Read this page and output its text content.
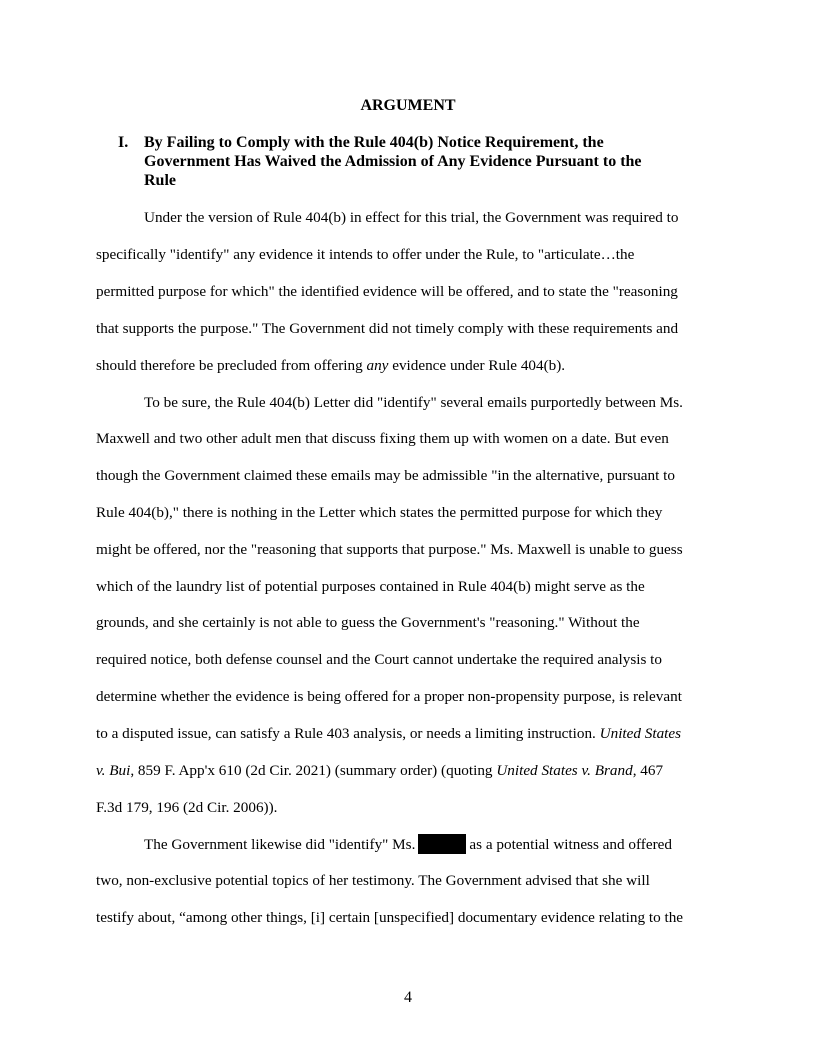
ARGUMENT
I. By Failing to Comply with the Rule 404(b) Notice Requirement, the
Government Has Waived the Admission of Any Evidence Pursuant to the
Rule
Under the version of Rule 404(b) in effect for this trial, the Government was required to
specifically "identify" any evidence it intends to offer under the Rule, to "articulate…the
permitted purpose for which" the identified evidence will be offered, and to state the "reasoning
that supports the purpose." The Government did not timely comply with these requirements and
should therefore be precluded from offering any evidence under Rule 404(b).
To be sure, the Rule 404(b) Letter did "identify" several emails purportedly between Ms.
Maxwell and two other adult men that discuss fixing them up with women on a date. But even
though the Government claimed these emails may be admissible "in the alternative, pursuant to
Rule 404(b)," there is nothing in the Letter which states the permitted purpose for which they
might be offered, nor the "reasoning that supports that purpose." Ms. Maxwell is unable to guess
which of the laundry list of potential purposes contained in Rule 404(b) might serve as the
grounds, and she certainly is not able to guess the Government's "reasoning." Without the
required notice, both defense counsel and the Court cannot undertake the required analysis to
determine whether the evidence is being offered for a proper non-propensity purpose, is relevant
to a disputed issue, can satisfy a Rule 403 analysis, or needs a limiting instruction. United States
v. Bui, 859 F. App'x 610 (2d Cir. 2021) (summary order) (quoting United States v. Brand, 467
F.3d 179, 196 (2d Cir. 2006)).
The Government likewise did "identify" Ms.	as a potential witness and offered
two, non-exclusive potential topics of her testimony. The Government advised that she will
testify about, “among other things, [i] certain [unspecified] documentary evidence relating to the
4
